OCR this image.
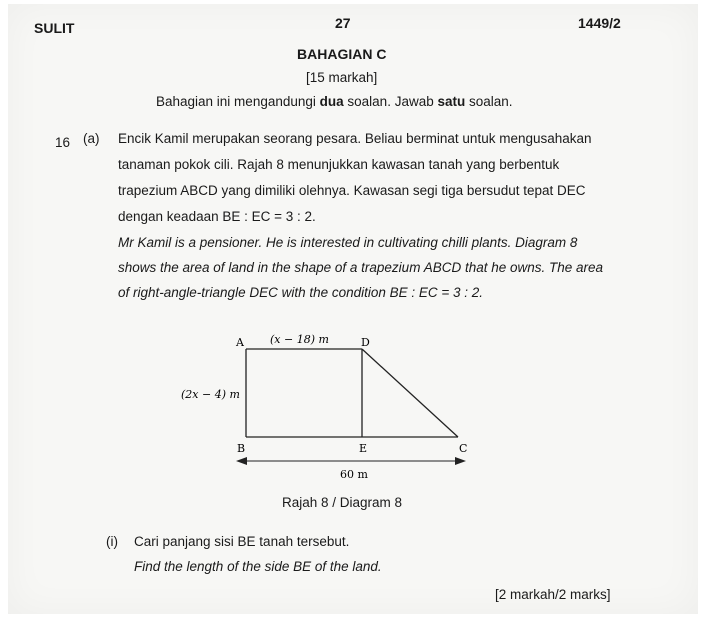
SULIT	27	1449/2
BAHAGIAN C
[15 markah]
Bahagian ini mengandungi dua soalan. Jawab satu soalan.
16 (a) Encik Kamil merupakan seorang pesara. Beliau berminat untuk mengusahakan
tanaman pokok cili. Rajah 8 menunjukkan kawasan tanah yang berbentuk
trapezium ABCD yang dimiliki olehnya. Kawasan segi tiga bersudut tepat DEC
dengan keadaan BE : EC = 3 : 2.
Mr Kamil is a pensioner. He is interested in cultivating chilli plants. Diagram 8
shows the area of land in the shape of a trapezium ABCD that he owns. The area
of right-angle-triangle DEC with the condition BE : EC = 3 : 2.
A	D
B	E	C
(x − 18) m
(2x − 4) m
60 m
Rajah 8 / Diagram 8
(i) Cari panjang sisi BE tanah tersebut.
Find the length of the side BE of the land.
[2 markah/2 marks]
